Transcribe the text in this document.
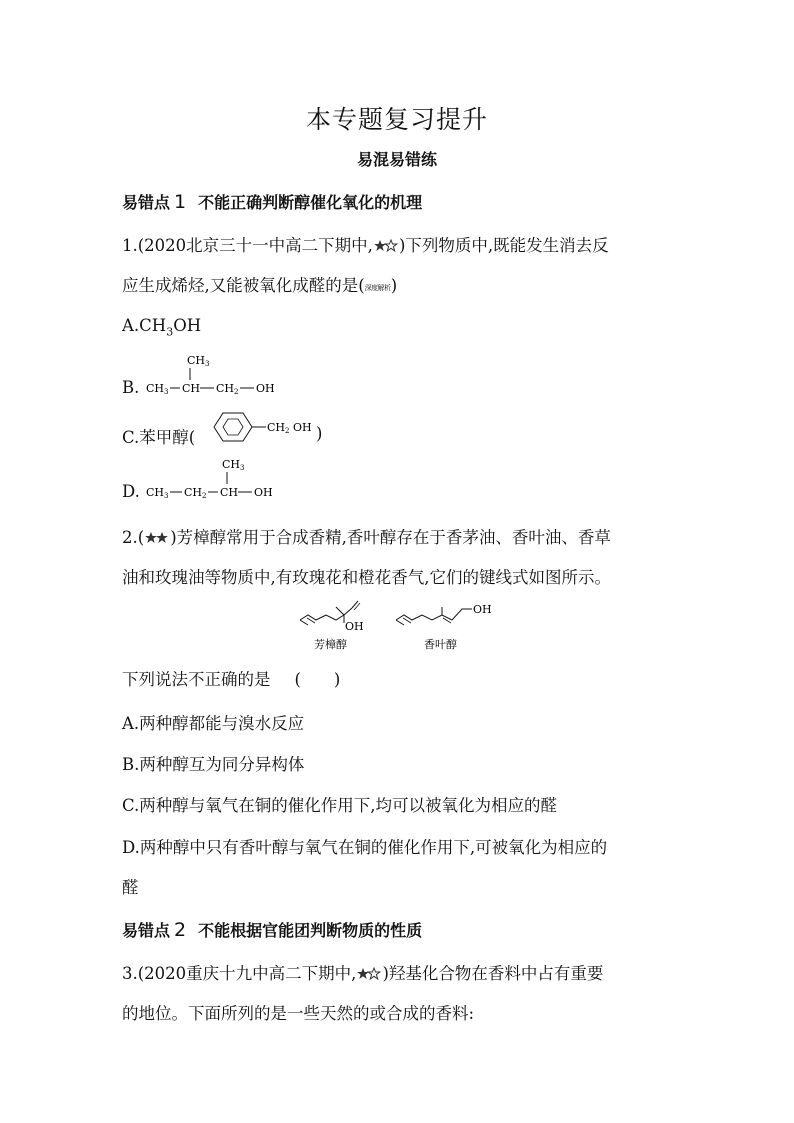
本专题复习提升
易混易错练
易错点 1 不能正确判断醇催化氧化的机理
1.(2020北京三十一中高二下期中, )下列物质中,既能发生消去反
应生成烯烃,又能被氧化成醛的是(深度解析)
$A.CH_3OH$
B.
CH3
CH3 CH CH2 OH
C.苯甲醇(
CH2 OH )
D.
CH3
CH3 CH2 CH OH
2.( )芳樟醇常用于合成香精,香叶醇存在于香茅油、香叶油、香草
油和玫瑰油等物质中,有玫瑰花和橙花香气,它们的键线式如图所示。
OH
芳樟醇
OH
香叶醇
下列说法不正确的是 (　　)
A.两种醇都能与溴水反应
B.两种醇互为同分异构体
C.两种醇与氧气在铜的催化作用下,均可以被氧化为相应的醛
D.两种醇中只有香叶醇与氧气在铜的催化作用下,可被氧化为相应的
醛
易错点 2 不能根据官能团判断物质的性质
3.(2020重庆十九中高二下期中, )羟基化合物在香料中占有重要
的地位。下面所列的是一些天然的或合成的香料:
